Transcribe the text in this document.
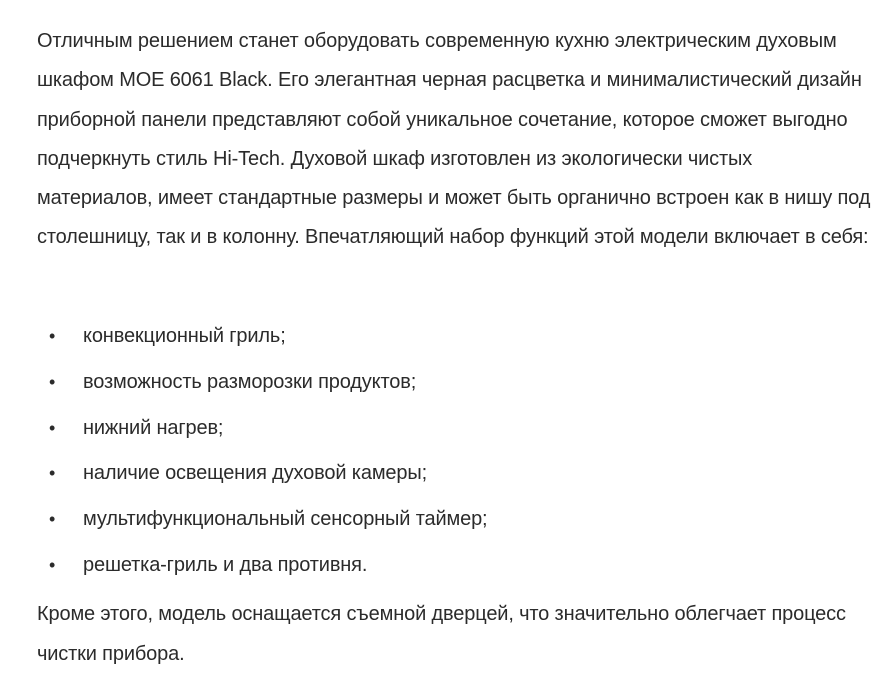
Отличным решением станет оборудовать современную кухню электрическим духовым шкафом MOE 6061 Black. Его элегантная черная расцветка и минималистический дизайн приборной панели представляют собой уникальное сочетание, которое сможет выгодно подчеркнуть стиль Hi-Tech. Духовой шкаф изготовлен из экологически чистых материалов, имеет стандартные размеры и может быть органично встроен как в нишу под столешницу, так и в колонну. Впечатляющий набор функций этой модели включает в себя:

• конвекционный гриль;
• возможность разморозки продуктов;
• нижний нагрев;
• наличие освещения духовой камеры;
• мультифункциональный сенсорный таймер;
• решетка-гриль и два противня.

Кроме этого, модель оснащается съемной дверцей, что значительно облегчает процесс чистки прибора.
